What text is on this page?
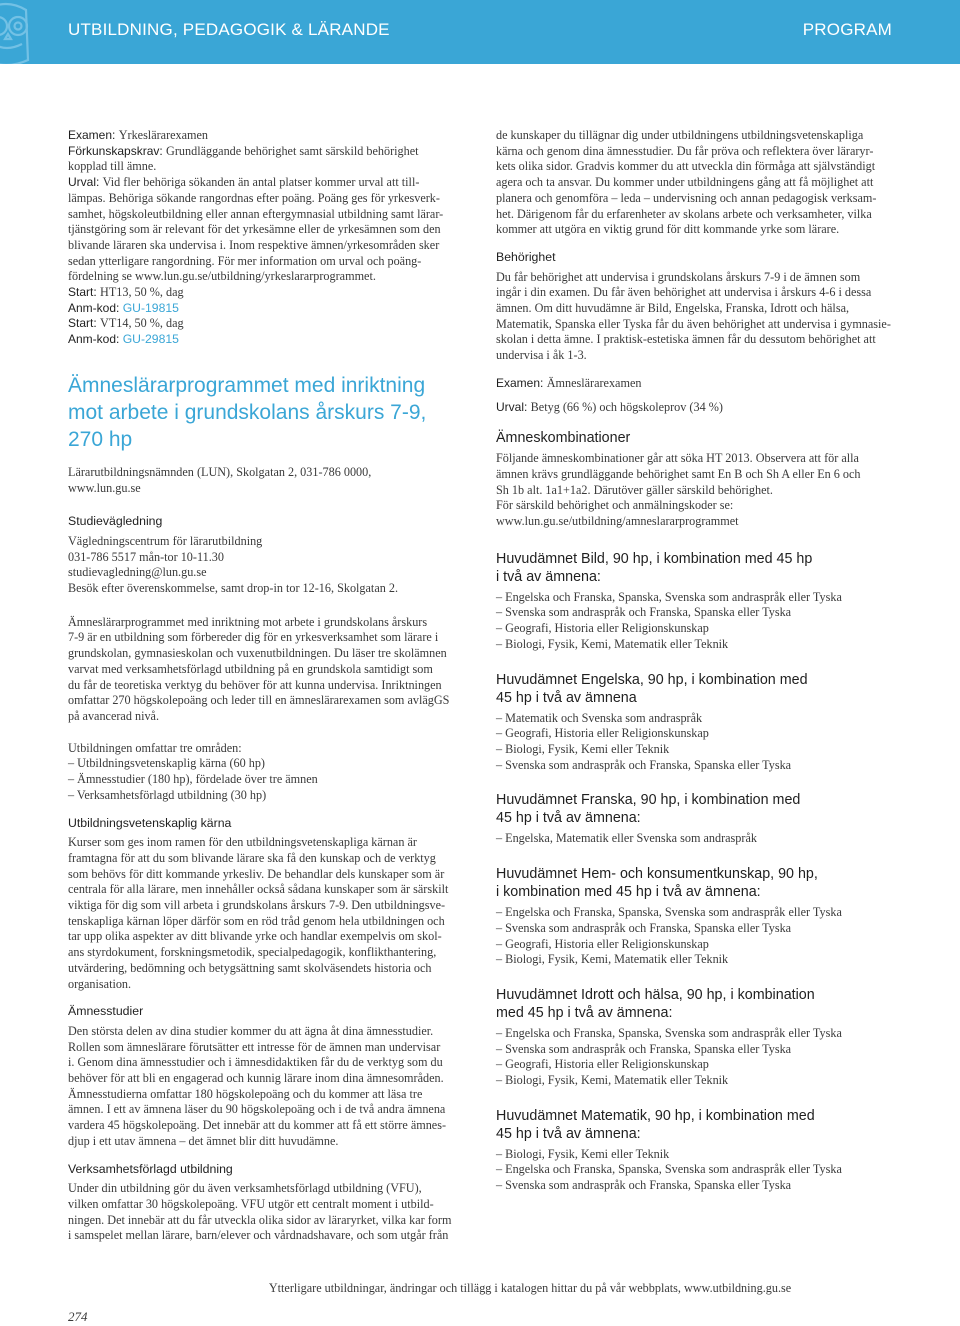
UTBILDNING, PEDAGOGIK & LÄRANDE	PROGRAM
Examen: Yrkeslärarexamen
Förkunskapskrav: Grundläggande behörighet samt särskild behörighet
kopplad till ämne.
Urval: Vid fler behöriga sökanden än antal platser kommer urval att till-
lämpas. Behöriga sökande rangordnas efter poäng. Poäng ges för yrkesverk-
samhet, högskoleutbildning eller annan eftergymnasial utbildning samt lärar-
tjänstgöring som är relevant för det yrkesämne eller de yrkesämnen som den
blivande läraren ska undervisa i. Inom respektive ämnen/yrkesområden sker
sedan ytterligare rangordning. För mer information om urval och poäng-
fördelning se www.lun.gu.se/utbildning/yrkeslararprogrammet.
Start: HT13, 50 %, dag
Anm-kod: GU-19815
Start: VT14, 50 %, dag
Anm-kod: GU-29815
Ämneslärarprogrammet med inriktning
mot arbete i grundskolans årskurs 7-9,
270 hp
Lärarutbildningsnämnden (LUN), Skolgatan 2, 031-786 0000,
www.lun.gu.se
Studievägledning
Vägledningscentrum för lärarutbildning
031-786 5517 mån-tor 10-11.30
studievagledning@lun.gu.se
Besök efter överenskommelse, samt drop-in tor 12-16, Skolgatan 2.
Ämneslärarprogrammet med inriktning mot arbete i grundskolans årskurs
7-9 är en utbildning som förbereder dig för en yrkesverksamhet som lärare i
grundskolan, gymnasieskolan och vuxenutbildningen. Du läser tre skolämnen
varvat med verksamhetsförlagd utbildning på en grundskola samtidigt som
du får de teoretiska verktyg du behöver för att kunna undervisa. Inriktningen
omfattar 270 högskolepoäng och leder till en ämneslärarexamen som avlägGS
på avancerad nivå.
Utbildningen omfattar tre områden:
– Utbildningsvetenskaplig kärna (60 hp)
– Ämnesstudier (180 hp), fördelade över tre ämnen
– Verksamhetsförlagd utbildning (30 hp)
Utbildningsvetenskaplig kärna
Kurser som ges inom ramen för den utbildningsvetenskapliga kärnan är
framtagna för att du som blivande lärare ska få den kunskap och de verktyg
som behövs för ditt kommande yrkesliv. De behandlar dels kunskaper som är
centrala för alla lärare, men innehåller också sådana kunskaper som är särskilt
viktiga för dig som vill arbeta i grundskolans årskurs 7-9. Den utbildningsve-
tenskapliga kärnan löper därför som en röd tråd genom hela utbildningen och
tar upp olika aspekter av ditt blivande yrke och handlar exempelvis om skol-
ans styrdokument, forskningsmetodik, specialpedagogik, konflikthantering,
utvärdering, bedömning och betygsättning samt skolväsendets historia och
organisation.
Ämnesstudier
Den största delen av dina studier kommer du att ägna åt dina ämnesstudier.
Rollen som ämneslärare förutsätter ett intresse för de ämnen man undervisar
i. Genom dina ämnesstudier och i ämnesdidaktiken får du de verktyg som du
behöver för att bli en engagerad och kunnig lärare inom dina ämnesområden.
Ämnesstudierna omfattar 180 högskolepoäng och du kommer att läsa tre
ämnen. I ett av ämnena läser du 90 högskolepoäng och i de två andra ämnena
vardera 45 högskolepoäng. Det innebär att du kommer att få ett större ämnes-
djup i ett utav ämnena – det ämnet blir ditt huvudämne.
Verksamhetsförlagd utbildning
Under din utbildning gör du även verksamhetsförlagd utbildning (VFU),
vilken omfattar 30 högskolepoäng. VFU utgör ett centralt moment i utbild-
ningen. Det innebär att du får utveckla olika sidor av läraryrket, vilka kar form
i samspelet mellan lärare, barn/elever och vårdnadshavare, och som utgår från
de kunskaper du tillägnar dig under utbildningens utbildningsvetenskapliga
kärna och genom dina ämnesstudier. Du får pröva och reflektera över läraryr-
kets olika sidor. Gradvis kommer du att utveckla din förmåga att självständigt
agera och ta ansvar. Du kommer under utbildningens gång att få möjlighet att
planera och genomföra – leda – undervisning och annan pedagogisk verksam-
het. Därigenom får du erfarenheter av skolans arbete och verksamheter, vilka
kommer att utgöra en viktig grund för ditt kommande yrke som lärare.
Behörighet
Du får behörighet att undervisa i grundskolans årskurs 7-9 i de ämnen som
ingår i din examen. Du får även behörighet att undervisa i årskurs 4-6 i dessa
ämnen. Om ditt huvudämne är Bild, Engelska, Franska, Idrott och hälsa,
Matematik, Spanska eller Tyska får du även behörighet att undervisa i gymnasie-
skolan i detta ämne. I praktisk-estetiska ämnen får du dessutom behörighet att
undervisa i åk 1-3.
Examen: Ämneslärarexamen
Urval: Betyg (66 %) och högskoleprov (34 %)
Ämneskombinationer
Följande ämneskombinationer går att söka HT 2013. Observera att för alla
ämnen krävs grundläggande behörighet samt En B och Sh A eller En 6 och
Sh 1b alt. 1a1+1a2. Därutöver gäller särskild behörighet.
För särskild behörighet och anmälningskoder se:
www.lun.gu.se/utbildning/amneslararprogrammet
Huvudämnet Bild, 90 hp, i kombination med 45 hp
i två av ämnena:
– Engelska och Franska, Spanska, Svenska som andraspråk eller Tyska
– Svenska som andraspråk och Franska, Spanska eller Tyska
– Geografi, Historia eller Religionskunskap
– Biologi, Fysik, Kemi, Matematik eller Teknik
Huvudämnet Engelska, 90 hp, i kombination med
45 hp i två av ämnena
– Matematik och Svenska som andraspråk
– Geografi, Historia eller Religionskunskap
– Biologi, Fysik, Kemi eller Teknik
– Svenska som andraspråk och Franska, Spanska eller Tyska
Huvudämnet Franska, 90 hp, i kombination med
45 hp i två av ämnena:
– Engelska, Matematik eller Svenska som andraspråk
Huvudämnet Hem- och konsumentkunskap, 90 hp,
i kombination med 45 hp i två av ämnena:
– Engelska och Franska, Spanska, Svenska som andraspråk eller Tyska
– Svenska som andraspråk och Franska, Spanska eller Tyska
– Geografi, Historia eller Religionskunskap
– Biologi, Fysik, Kemi, Matematik eller Teknik
Huvudämnet Idrott och hälsa, 90 hp, i kombination
med 45 hp i två av ämnena:
– Engelska och Franska, Spanska, Svenska som andraspråk eller Tyska
– Svenska som andraspråk och Franska, Spanska eller Tyska
– Geografi, Historia eller Religionskunskap
– Biologi, Fysik, Kemi, Matematik eller Teknik
Huvudämnet Matematik, 90 hp, i kombination med
45 hp i två av ämnena:
– Biologi, Fysik, Kemi eller Teknik
– Engelska och Franska, Spanska, Svenska som andraspråk eller Tyska
– Svenska som andraspråk och Franska, Spanska eller Tyska
Ytterligare utbildningar, ändringar och tillägg i katalogen hittar du på vår webbplats, www.utbildning.gu.se
274
